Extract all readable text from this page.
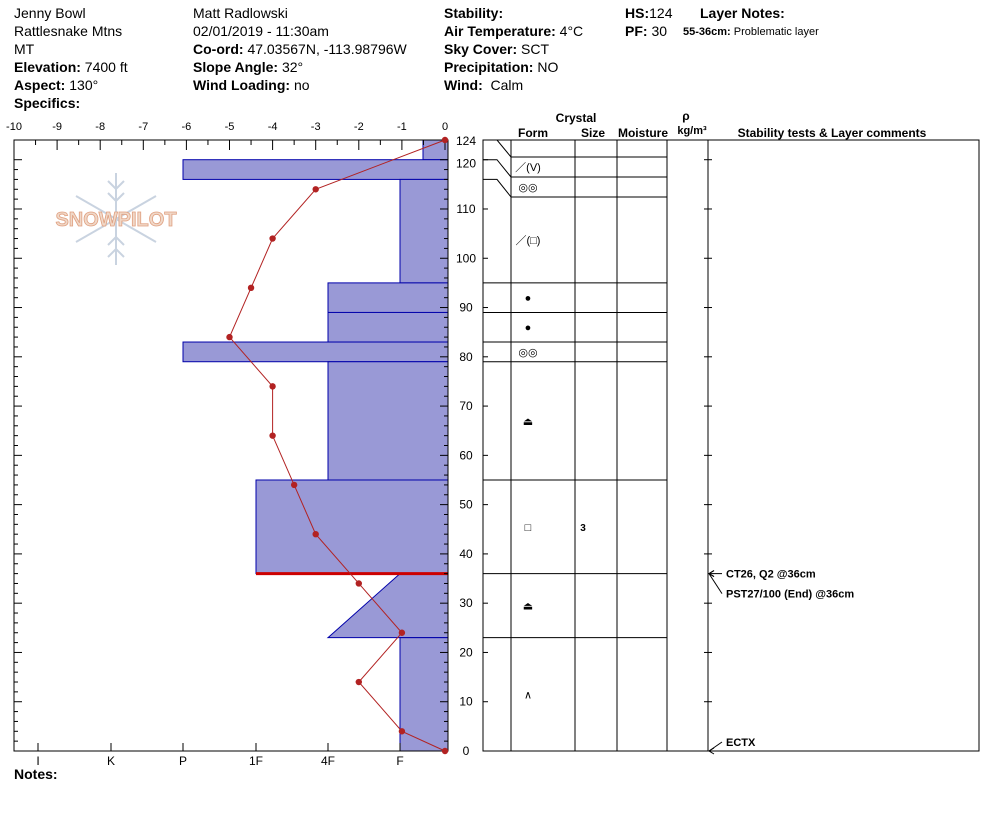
Jenny Bowl
Rattlesnake Mtns
MT
Elevation: 7400 ft
Aspect: 130°
Specifics:
Matt Radlowski
02/01/2019 - 11:30am
Co-ord: 47.03567N, -113.98796W
Slope Angle: 32°
Wind Loading: no
Stability:
Air Temperature: 4°C
Sky Cover: SCT
Precipitation: NO
Wind: Calm
HS:124
PF: 30
Layer Notes:
55-36cm: Problematic layer
Notes:
SNOWPILOT
-10	-9	-8	-7	-6	-5	-4	-3	-2	-1	0
0
10
20
30
40
50
60
70
80
90
100
110
120
124
I	K	P	1F	4F	F
Crystal
Form	Size Moisture
ρ
kg/m³	Stability tests & Layer comments
／(V)
◎◎
／(□)
●
●
◎◎
⏏
□	3
⏏
∧
CT26, Q2 @36cm
PST27/100 (End) @36cm
ECTX
